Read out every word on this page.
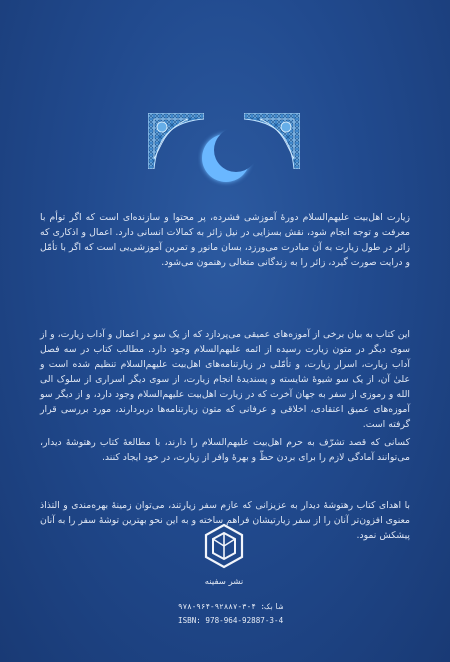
زیارت اهل‌بیت علیهم‌السلام دورهٔ آموزشی فشرده، پر محتوا و سازنده‌ای است که اگر توأم با معرفت و توجه انجام شود، نقش بسزایی در نیل زائر به کمالات انسانی دارد. اعمال و اذکاری که زائر در طول زیارت به آن مبادرت می‌ورزد، بسان مانور و تمرین آموزشی‌یی است که اگر با تأمّل و درایت صورت گیرد، زائر را به زندگانی متعالی رهنمون می‌شود.

این کتاب به بیان برخی از آموزه‌های عمیقی می‌پردازد که از یک سو در اعمال و آداب زیارت، و از سوی دیگر در متون زیارت رسیده از ائمه علیهم‌السلام وجود دارد. مطالب کتاب در سه فصل آداب زیارت، اسرار زیارت، و تأمّلی در زیارتنامه‌های اهل‌بیت علیهم‌السلام تنظیم شده است و علیٰ آن، از یک سو شیوهٔ شایسته و پسندیدهٔ انجام زیارت، از سوی دیگر اسراری از سلوک الی الله و رموزی از سفر به جهان آخرت که در زیارت اهل‌بیت علیهم‌السلام وجود دارد، و از دیگر سو آموزه‌های عمیق اعتقادی، اخلاقی و عرفانی که متون زیارتنامه‌ها دربردارند، مورد بررسی قرار گرفته است.

کسانی که قصد تشرّف به حرم اهل‌بیت علیهم‌السلام را دارند، با مطالعهٔ کتاب رهتوشهٔ دیدار، می‌توانند آمادگی لازم را برای بردن حظّ و بهرهٔ وافر از زیارت، در خود ایجاد کنند.

با اهدای کتاب رهتوشهٔ دیدار به عزیزانی که عازم سفر زیارتند، می‌توان زمینهٔ بهره‌مندی و التذاذ معنوی افزون‌تر آنان را از سفر زیارتیشان فراهم ساخته و به این نحو بهترین توشهٔ سفر را به آنان پیشکش نمود.

نشر سفینه
شابک: ۴-۳-۹۲۸۸۷-۹۶۴-۹۷۸
ISBN: 978-964-92887-3-4
